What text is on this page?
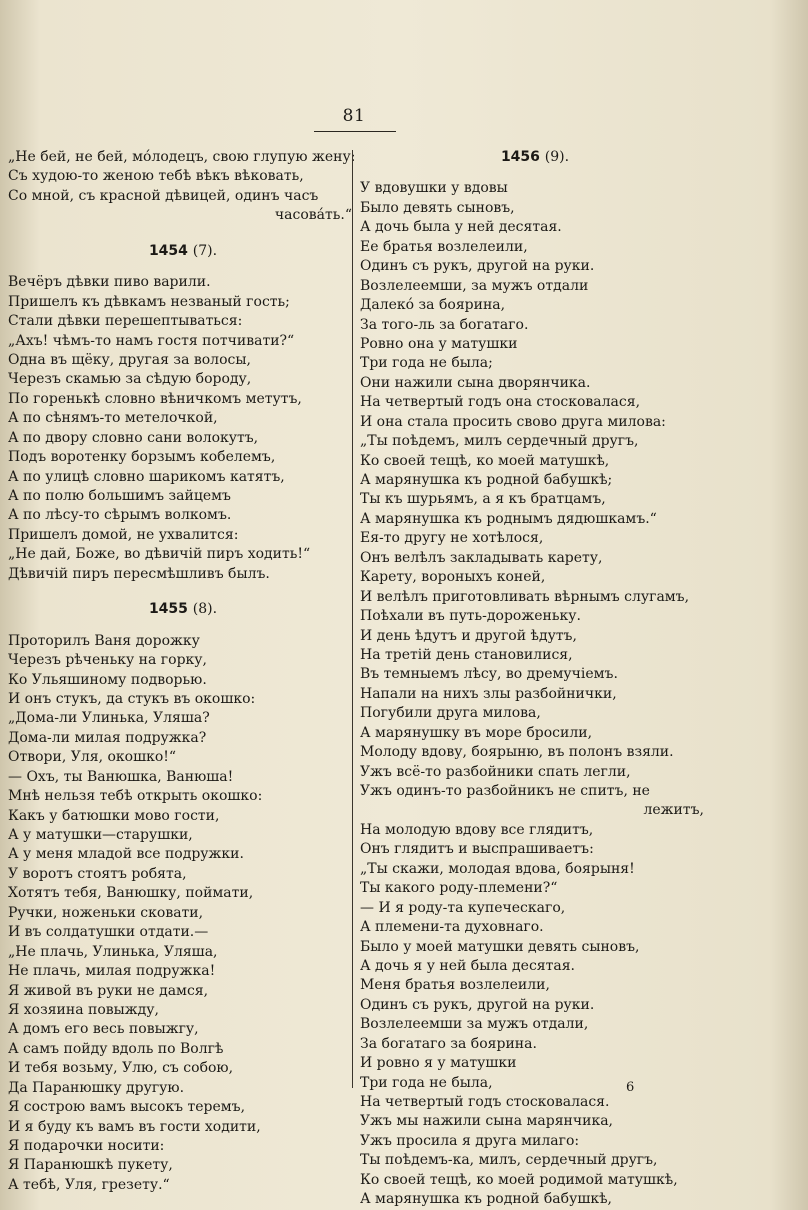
81
„Не бей, не бей, мóлодецъ, свою глупую жену:
Съ худою-то женою тебѣ вѣкъ вѣковать,
Со мной, съ красной дѣвицей, одинъ часъ
часовáть.“
1454 (7).
Вечёръ дѣвки пиво варили.
Пришелъ къ дѣвкамъ незваный гость;
Стали дѣвки перешептываться:
„Ахъ! чѣмъ-то намъ гостя потчивати?“
Одна въ щёку, другая за волосы,
Черезъ скамью за сѣдую бороду,
По горенькѣ словно вѣничкомъ метутъ,
А по сѣнямъ-то метелочкой,
А по двору словно сани волокутъ,
Подъ воротенку борзымъ кобелемъ,
А по улицѣ словно шарикомъ катятъ,
А по полю большимъ зайцемъ
А по лѣсу-то сѣрымъ волкомъ.
Пришелъ домой, не ухвалится:
„Не дай, Боже, во дѣвичій пиръ ходить!“
Дѣвичій пиръ пересмѣшливъ былъ.
1455 (8).
Проторилъ Ваня дорожку
Черезъ рѣченьку на горку,
Ко Ульяшиному подворью.
И онъ стукъ, да стукъ въ окошко:
„Дома-ли Улинька, Уляша?
Дома-ли милая подружка?
Отвори, Уля, окошко!“
— Охъ, ты Ванюшка, Ванюша!
Мнѣ нельзя тебѣ открыть окошко:
Какъ у батюшки мово гости,
А у матушки—старушки,
А у меня младой все подружки.
У воротъ стоятъ робята,
Хотятъ тебя, Ванюшку, поймати,
Ручки, ноженьки сковати,
И въ солдатушки отдати.—
„Не плачь, Улинька, Уляша,
Не плачь, милая подружка!
Я живой въ руки не дамся,
Я хозяина повыжду,
А домъ его весь повыжгу,
А самъ пойду вдоль по Волгѣ
И тебя возьму, Улю, съ собою,
Да Паранюшку другую.
Я сострою вамъ высокъ теремъ,
И я буду къ вамъ въ гости ходити,
Я подарочки носити:
Я Паранюшкѣ пукету,
А тебѣ, Уля, грезету.“
1456 (9).
У вдовушки у вдовы
Было девять сыновъ,
А дочь была у ней десятая.
Ее братья возлелеили,
Одинъ съ рукъ, другой на руки.
Возлелеемши, за мужъ отдали
Далекó за боярина,
За того-ль за богатаго.
Ровно она у матушки
Три года не была;
Они нажили сына дворянчика.
На четвертый годъ она стосковалася,
И она стала просить свово друга милова:
„Ты поѣдемъ, милъ сердечный другъ,
Ко своей тещѣ, ко моей матушкѣ,
А марянушка къ родной бабушкѣ;
Ты къ шурьямъ, а я къ братцамъ,
А марянушка къ роднымъ дядюшкамъ.“
Ея-то другу не хотѣлося,
Онъ велѣлъ закладывать карету,
Карету, вороныхъ коней,
И велѣлъ приготовливать вѣрнымъ слугамъ,
Поѣхали въ путь-дороженьку.
И день ѣдутъ и другой ѣдутъ,
На третій день становилися,
Въ темныемъ лѣсу, во дремучіемъ.
Напали на нихъ злы разбойнички,
Погубили друга милова,
А марянушку въ море бросили,
Молоду вдову, боярыню, въ полонъ взяли.
Ужъ всё-то разбойники спать легли,
Ужъ одинъ-то разбойникъ не спитъ, не
лежитъ,
На молодую вдову все глядитъ,
Онъ глядитъ и выспрашиваетъ:
„Ты скажи, молодая вдова, боярыня!
Ты какого роду-племени?“
— И я роду-та купеческаго,
А племени-та духовнаго.
Было у моей матушки девять сыновъ,
А дочь я у ней была десятая.
Меня братья возлелеили,
Одинъ съ рукъ, другой на руки.
Возлелеемши за мужъ отдали,
За богатаго за боярина.
И ровно я у матушки
Три года не была,
На четвертый годъ стосковалася.
Ужъ мы нажили сына марянчика,
Ужъ просила я друга милаго:
Ты поѣдемъ-ка, милъ, сердечный другъ,
Ко своей тещѣ, ко моей родимой матушкѣ,
А марянушка къ родной бабушкѣ,
6
